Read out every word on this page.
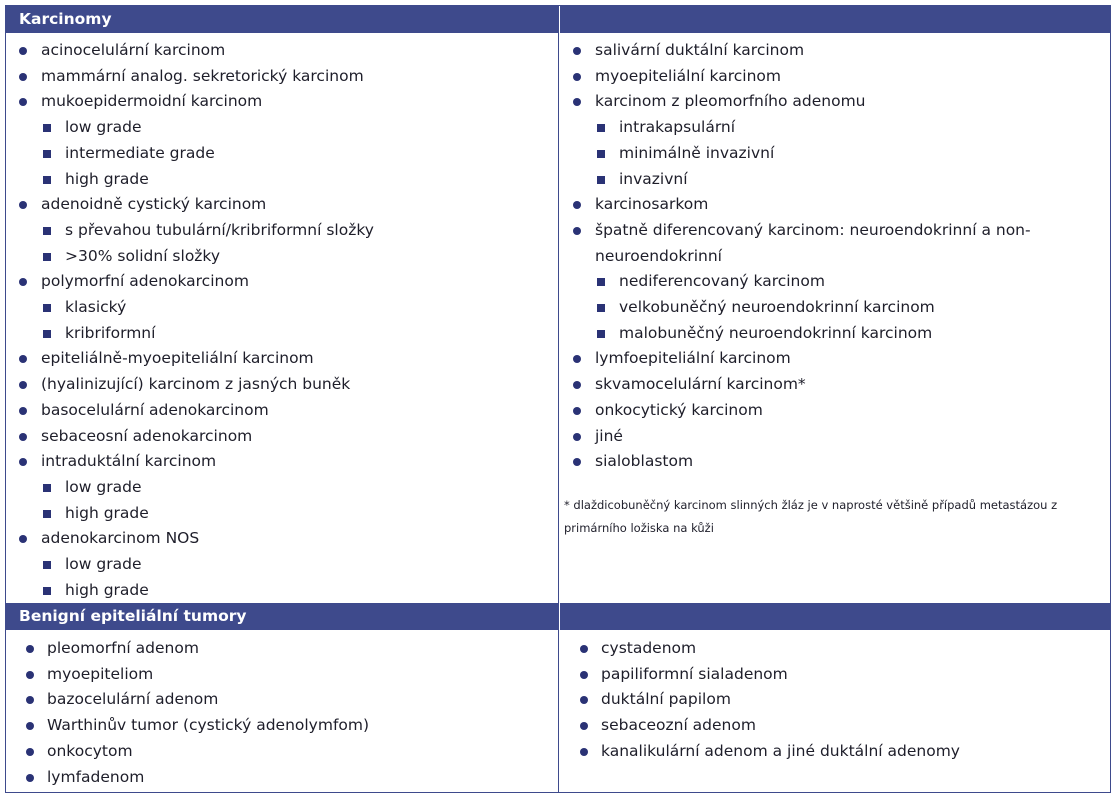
Karcinomy
acinocelulární karcinom
mammární analog. sekretorický karcinom
mukoepidermoidní karcinom
low grade
intermediate grade
high grade
adenoidně cystický karcinom
s převahou tubulární/kribriformní složky
>30% solidní složky
polymorfní adenokarcinom
klasický
kribriformní
epiteliálně-myoepiteliální karcinom
(hyalinizující) karcinom z jasných buněk
basocelulární adenokarcinom
sebaceosní adenokarcinom
intraduktální karcinom
low grade
high grade
adenokarcinom NOS
low grade
high grade
salivární duktální karcinom
myoepiteliální karcinom
karcinom z pleomorfního adenomu
intrakapsulární
minimálně invazivní
invazivní
karcinosarkom
špatně diferencovaný karcinom: neuroendokrinní a non-neuroendokrinní
nediferencovaný karcinom
velkobuněčný neuroendokrinní karcinom
malobuněčný neuroendokrinní karcinom
lymfoepiteliální karcinom
skvamocelulární karcinom*
onkocytický karcinom
jiné
sialoblastom
* dlaždicobuněčný karcinom slinných žláz je v naprosté většině případů metastázou z primárního ložiska na kůži
Benigní epiteliální tumory
pleomorfní adenom
myoepiteliom
bazocelulární adenom
Warthinův tumor (cystický adenolymfom)
onkocytom
lymfadenom
cystadenom
papiliformní sialadenom
duktální papilom
sebaceozní adenom
kanalikulární adenom a jiné duktální adenomy
